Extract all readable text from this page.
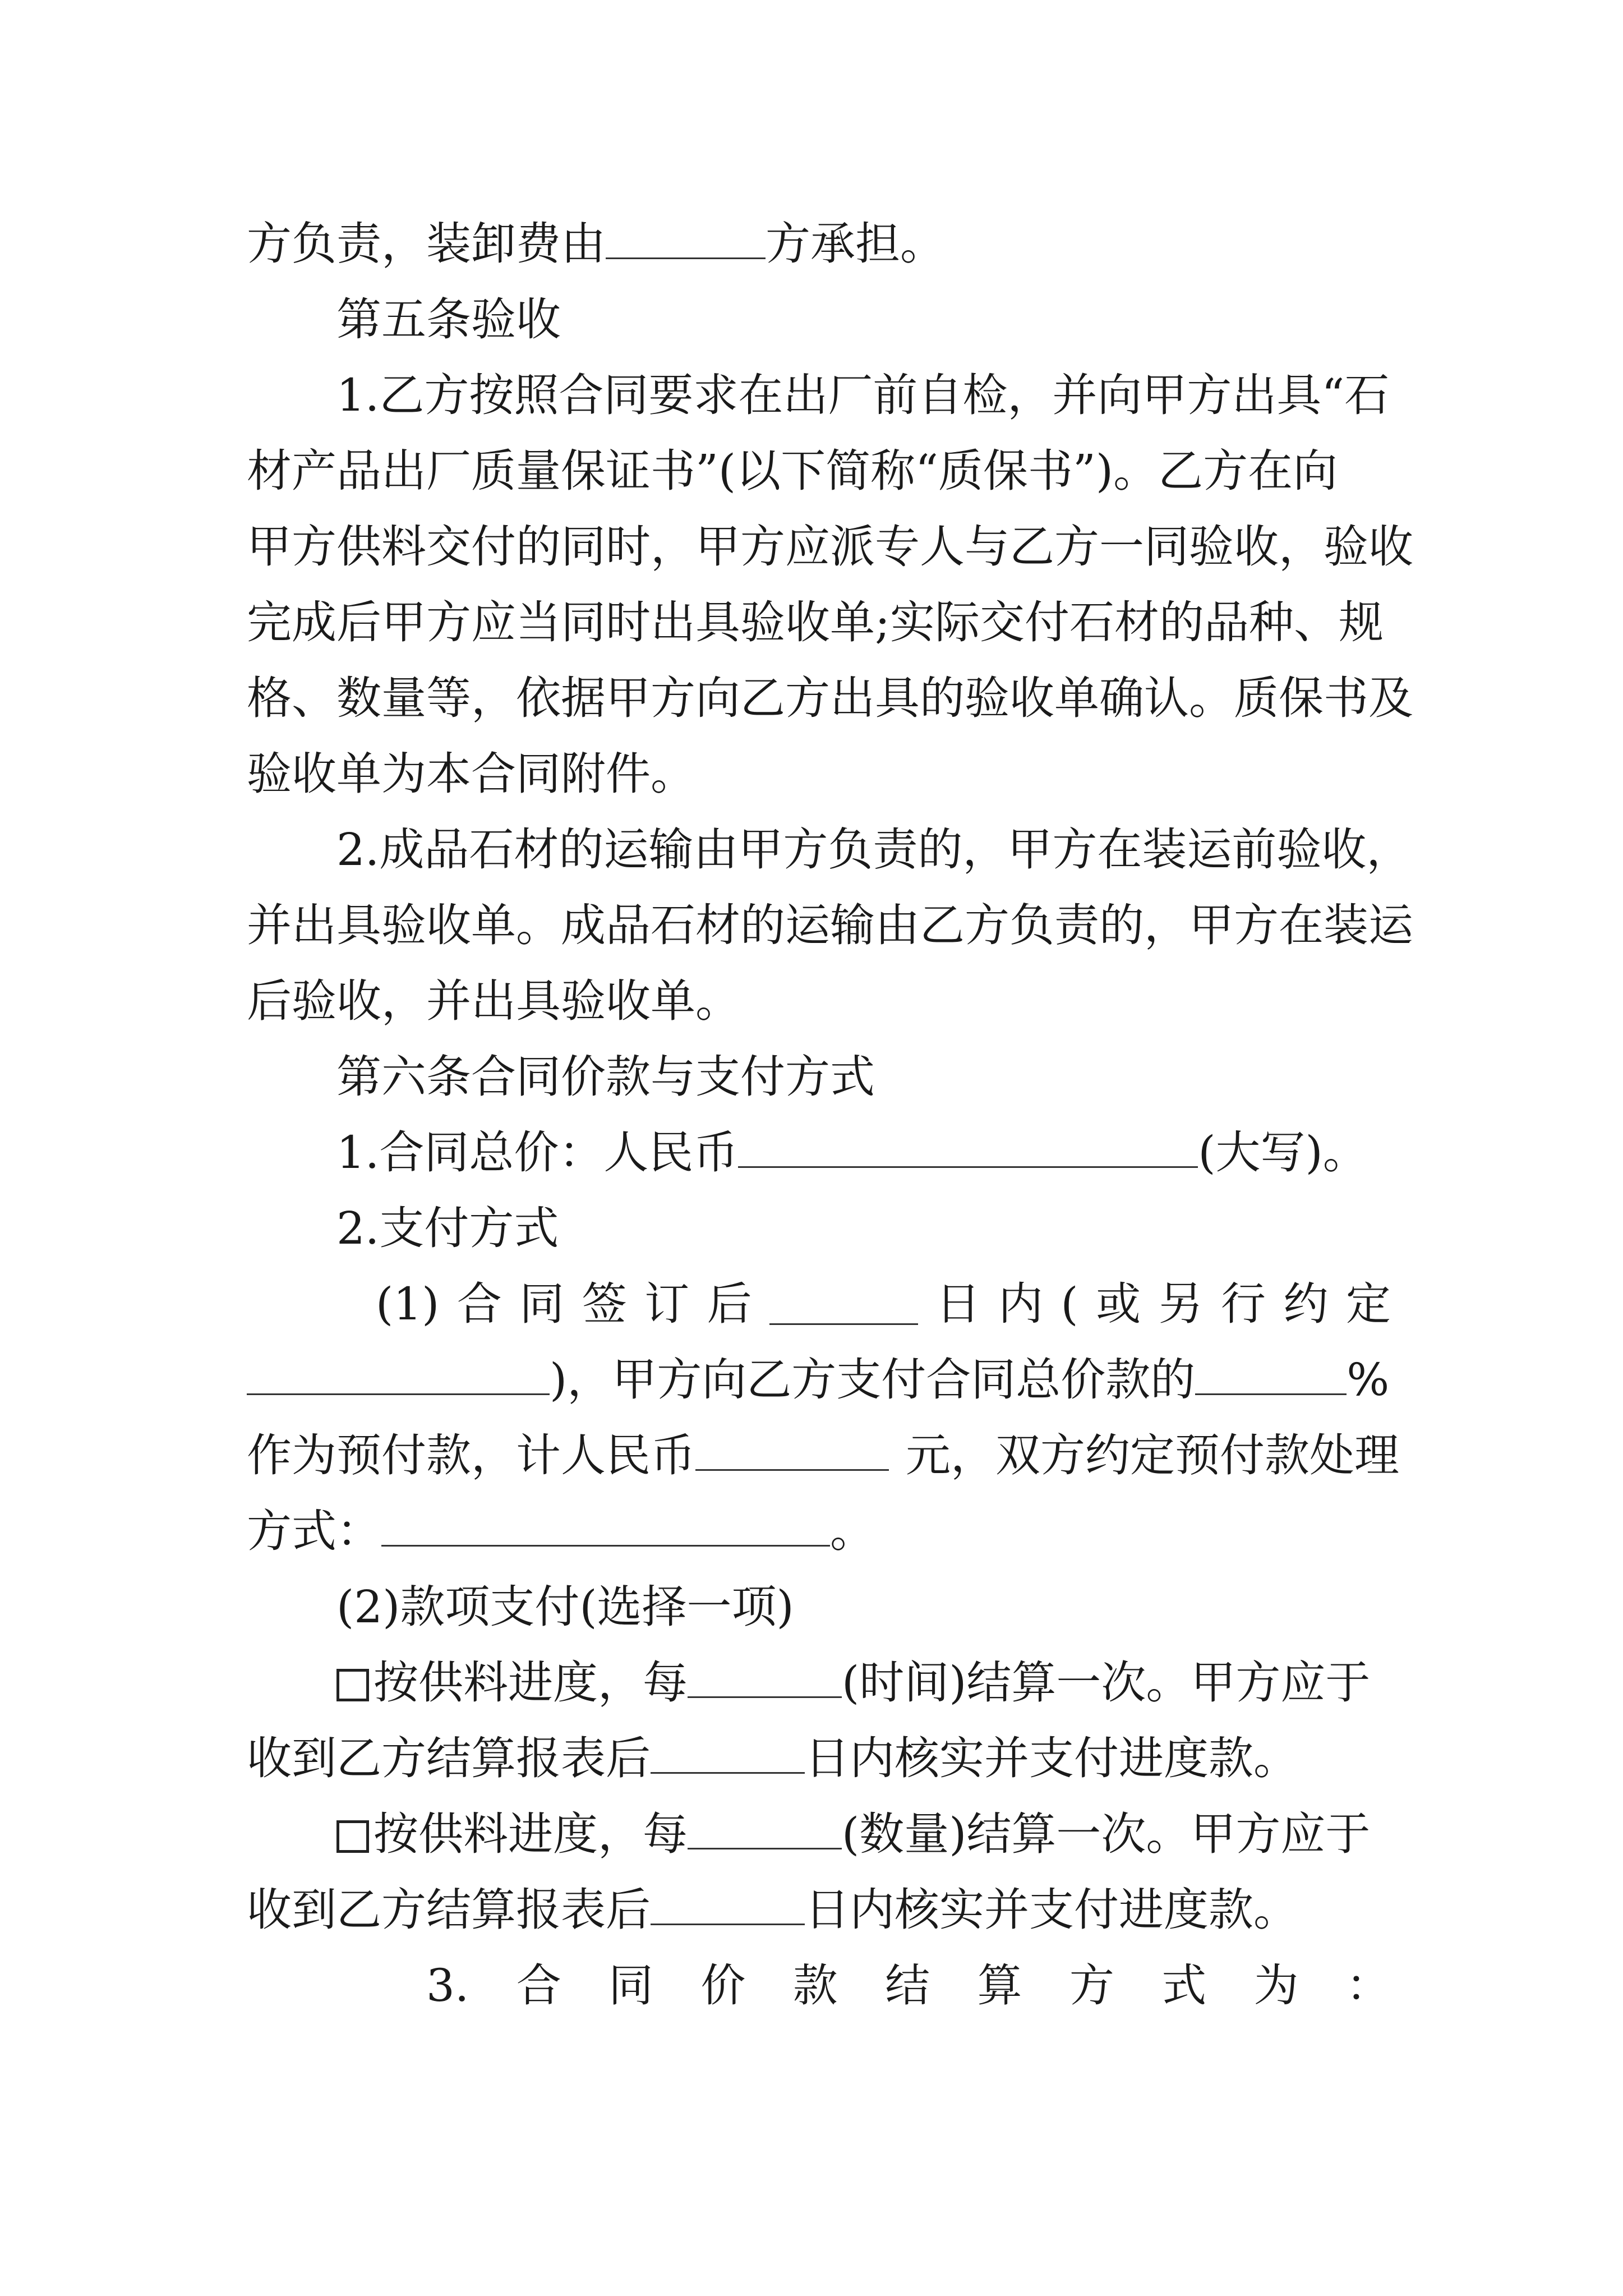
方负责，装卸费由	方承担。
第五条验收
1.乙方按照合同要求在出厂前自检，并向甲方出具“石
材产品出厂质量保证书”(以下简称“质保书”)。乙方在向
甲方供料交付的同时，甲方应派专人与乙方一同验收，验收
完成后甲方应当同时出具验收单;实际交付石材的品种、规
格、数量等，依据甲方向乙方出具的验收单确认。质保书及
验收单为本合同附件。
2.成品石材的运输由甲方负责的，甲方在装运前验收，
并出具验收单。成品石材的运输由乙方负责的，甲方在装运
后验收，并出具验收单。
第六条合同价款与支付方式
1.合同总价：人民币	(大写)。
2.支付方式
(1) 合 同 签 订 后	日 内 ( 或 另 行 约 定
)，甲方向乙方支付合同总价款的	%
作为预付款，计人民币	元，双方约定预付款处理
方式：	。
(2)款项支付(选择一项)
按供料进度，每	(时间)结算一次。甲方应于
收到乙方结算报表后	日内核实并支付进度款。
按供料进度，每	(数量)结算一次。甲方应于
收到乙方结算报表后	日内核实并支付进度款。
3. 合 同 价 款 结 算 方 式 为 ：
